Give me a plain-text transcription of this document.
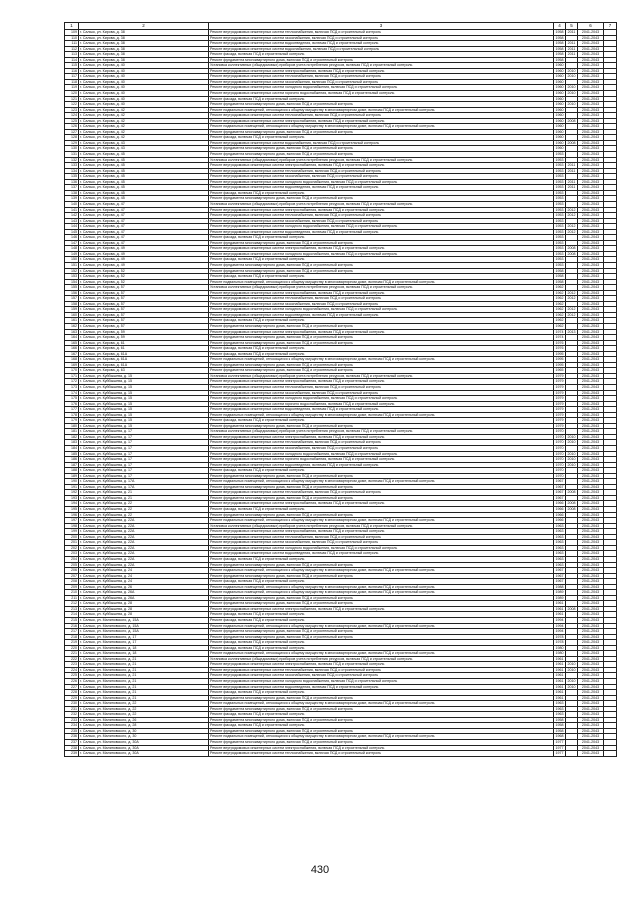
1	2	3	4	5	6	7
109	г. Сальск, ул. Кирова, д. 38	Ремонт внутридомовых инженерных систем теплоснабжения, включая ПСД и строительный контроль	1958	2011	2041-2043	
110	г. Сальск, ул. Кирова, д. 38	Ремонт внутридомовых инженерных систем газоснабжения, включая ПСД и строительный контроль	1958		2041-2043	
111	г. Сальск, ул. Кирова, д. 38	Ремонт внутридомовых инженерных систем водоотведения, включая ПСД и строительный контроль	1958	2011	2041-2043	
112	г. Сальск, ул. Кирова, д. 38	Ремонт внутридомовых инженерных систем водоснабжения, включая ПСД и строительный контроль	1958	2011	2041-2043	
113	г. Сальск, ул. Кирова, д. 38	Ремонт фасада, включая ПСД и строительный контроль	1958	2011	2041-2043	
114	г. Сальск, ул. Кирова, д. 38	Ремонт фундамента многоквартирного дома, включая ПСД и строительный контроль	1958		2041-2043	
115	г. Сальск, ул. Кирова, д. 40	Установка коллективных (общедомовых) приборов учета потребления ресурсов, включая ПСД и строительный контроль	1960		2041-2043	
116	г. Сальск, ул. Кирова, д. 40	Ремонт внутридомовых инженерных систем электроснабжения, включая ПСД и строительный контроль	1960	2010	2041-2043	
117	г. Сальск, ул. Кирова, д. 40	Ремонт внутридомовых инженерных систем теплоснабжения, включая ПСД и строительный контроль	1960	2010	2041-2043	
118	г. Сальск, ул. Кирова, д. 40	Ремонт внутридомовых инженерных систем газоснабжения, включая ПСД и строительный контроль	1960		2041-2043	
119	г. Сальск, ул. Кирова, д. 40	Ремонт внутридомовых инженерных систем холодного водоснабжения, включая ПСД и строительный контроль	1960	2010	2041-2043	
120	г. Сальск, ул. Кирова, д. 40	Ремонт внутридомовых инженерных систем горячего водоснабжения, включая ПСД и строительный контроль	1960	2010	2041-2043	
121	г. Сальск, ул. Кирова, д. 40	Ремонт фасада, включая ПСД и строительный контроль	1960		2041-2043	
122	г. Сальск, ул. Кирова, д. 40	Ремонт фундамента многоквартирного дома, включая ПСД и строительный контроль	1960	2010	2041-2043	
123	г. Сальск, ул. Кирова, д. 42	Ремонт подвальных помещений, относящихся к общему имуществу в многоквартирном доме, включая ПСД и строительный контроль	1960		2041-2043	
124	г. Сальск, ул. Кирова, д. 42	Ремонт внутридомовых инженерных систем теплоснабжения, включая ПСД и строительный контроль	1960		2041-2043	
125	г. Сальск, ул. Кирова, д. 42	Ремонт внутридомовых инженерных систем электроснабжения, включая ПСД и строительный контроль	1960	2008	2041-2043	
126	г. Сальск, ул. Кирова, д. 42	Ремонт подвальных помещений, относящихся к общему имуществу в многоквартирном доме, включая ПСД и строительный контроль	1960		2041-2043	
127	г. Сальск, ул. Кирова, д. 42	Ремонт фундамента многоквартирного дома, включая ПСД и строительный контроль	1960		2041-2043	
128	г. Сальск, ул. Кирова, д. 42	Ремонт фасада, включая ПСД и строительный контроль	1960		2041-2043	
129	г. Сальск, ул. Кирова, д. 43	Ремонт внутридомовых инженерных систем водоснабжения, включая ПСД и строительный контроль	1960	2008	2041-2043	
130	г. Сальск, ул. Кирова, д. 43	Ремонт фундамента многоквартирного дома, включая ПСД и строительный контроль	1960		2041-2043	
131	г. Сальск, ул. Кирова, д. 45	Ремонт фундамента многоквартирного дома, включая ПСД и строительный контроль	1953		2041-2043	
132	г. Сальск, ул. Кирова, д. 45	Установка коллективных (общедомовых) приборов учета потребления ресурсов, включая ПСД и строительный контроль	1953		2041-2043	
133	г. Сальск, ул. Кирова, д. 45	Ремонт внутридомовых инженерных систем электроснабжения, включая ПСД и строительный контроль	1953	2011	2041-2043	
134	г. Сальск, ул. Кирова, д. 45	Ремонт внутридомовых инженерных систем теплоснабжения, включая ПСД и строительный контроль	1953	2011	2041-2043	
135	г. Сальск, ул. Кирова, д. 45	Ремонт внутридомовых инженерных систем газоснабжения, включая ПСД и строительный контроль	1953		2041-2043	
136	г. Сальск, ул. Кирова, д. 45	Ремонт внутридомовых инженерных систем холодного водоснабжения, включая ПСД и строительный контроль	1953	2011	2041-2043	
137	г. Сальск, ул. Кирова, д. 45	Ремонт внутридомовых инженерных систем водоотведения, включая ПСД и строительный контроль	1953	2011	2041-2043	
138	г. Сальск, ул. Кирова, д. 45	Ремонт фасада, включая ПСД и строительный контроль	1953		2041-2043	
139	г. Сальск, ул. Кирова, д. 45	Ремонт фундамента многоквартирного дома, включая ПСД и строительный контроль	1953		2041-2043	
140	г. Сальск, ул. Кирова, д. 47	Установка коллективных (общедомовых) приборов учета потребления ресурсов, включая ПСД и строительный контроль	1953		2041-2043	
141	г. Сальск, ул. Кирова, д. 47	Ремонт внутридомовых инженерных систем электроснабжения, включая ПСД и строительный контроль	1953	2012	2041-2043	
142	г. Сальск, ул. Кирова, д. 47	Ремонт внутридомовых инженерных систем теплоснабжения, включая ПСД и строительный контроль	1953	2012	2041-2043	
143	г. Сальск, ул. Кирова, д. 47	Ремонт внутридомовых инженерных систем газоснабжения, включая ПСД и строительный контроль	1953		2041-2043	
144	г. Сальск, ул. Кирова, д. 47	Ремонт внутридомовых инженерных систем холодного водоснабжения, включая ПСД и строительный контроль	1953	2012	2041-2043	
145	г. Сальск, ул. Кирова, д. 47	Ремонт внутридомовых инженерных систем водоотведения, включая ПСД и строительный контроль	1953	2012	2041-2043	
146	г. Сальск, ул. Кирова, д. 47	Ремонт фасада, включая ПСД и строительный контроль	1953		2041-2043	
147	г. Сальск, ул. Кирова, д. 47	Ремонт фундамента многоквартирного дома, включая ПСД и строительный контроль	1953		2041-2043	
148	г. Сальск, ул. Кирова, д. 49	Ремонт внутридомовых инженерных систем электроснабжения, включая ПСД и строительный контроль	1953	2008	2041-2043	
149	г. Сальск, ул. Кирова, д. 49	Ремонт внутридомовых инженерных систем холодного водоснабжения, включая ПСД и строительный контроль	1953	2008	2041-2043	
150	г. Сальск, ул. Кирова, д. 49	Ремонт фасада, включая ПСД и строительный контроль	1953		2041-2043	
151	г. Сальск, ул. Кирова, д. 49	Ремонт фундамента многоквартирного дома, включая ПСД и строительный контроль	1953		2041-2043	
152	г. Сальск, ул. Кирова, д. 52	Ремонт фундамента многоквартирного дома, включая ПСД и строительный контроль	1958		2041-2043	
153	г. Сальск, ул. Кирова, д. 52	Ремонт фасада, включая ПСД и строительный контроль	1958		2041-2043	
154	г. Сальск, ул. Кирова, д. 52	Ремонт подвальных помещений, относящихся к общему имуществу в многоквартирном доме, включая ПСД и строительный контроль	1958		2041-2043	
155	г. Сальск, ул. Кирова, д. 57	Установка коллективных (общедомовых) приборов учета потребления ресурсов, включая ПСД и строительный контроль	1962		2041-2043	
156	г. Сальск, ул. Кирова, д. 57	Ремонт внутридомовых инженерных систем электроснабжения, включая ПСД и строительный контроль	1962	2012	2041-2043	
157	г. Сальск, ул. Кирова, д. 57	Ремонт внутридомовых инженерных систем теплоснабжения, включая ПСД и строительный контроль	1962	2012	2041-2043	
158	г. Сальск, ул. Кирова, д. 57	Ремонт внутридомовых инженерных систем газоснабжения, включая ПСД и строительный контроль	1962		2041-2043	
159	г. Сальск, ул. Кирова, д. 57	Ремонт внутридомовых инженерных систем холодного водоснабжения, включая ПСД и строительный контроль	1962	2012	2041-2043	
160	г. Сальск, ул. Кирова, д. 57	Ремонт внутридомовых инженерных систем водоотведения, включая ПСД и строительный контроль	1962	2012	2041-2043	
161	г. Сальск, ул. Кирова, д. 57	Ремонт фасада, включая ПСД и строительный контроль	1962		2041-2043	
162	г. Сальск, ул. Кирова, д. 57	Ремонт фундамента многоквартирного дома, включая ПСД и строительный контроль	1962		2041-2043	
163	г. Сальск, ул. Кирова, д. 59	Ремонт внутридомовых инженерных систем электроснабжения, включая ПСД и строительный контроль	1974	2013	2041-2043	
164	г. Сальск, ул. Кирова, д. 59	Ремонт фундамента многоквартирного дома, включая ПСД и строительный контроль	1974		2041-2043	
165	г. Сальск, ул. Кирова, д. 61	Ремонт фундамента многоквартирного дома, включая ПСД и строительный контроль	1976		2041-2043	
166	г. Сальск, ул. Кирова, д. 61	Ремонт фасада, включая ПСД и строительный контроль	1976		2041-2043	
167	г. Сальск, ул. Кирова, д. 61А	Ремонт фасада, включая ПСД и строительный контроль	1995		2041-2043	
168	г. Сальск, ул. Кирова, д. 61А	Ремонт подвальных помещений, относящихся к общему имуществу в многоквартирном доме, включая ПСД и строительный контроль	1995		2041-2043	
169	г. Сальск, ул. Кирова, д. 61А	Ремонт фундамента многоквартирного дома, включая ПСД и строительный контроль	1995		2041-2043	
170	г. Сальск, ул. Кирова, д. 63	Ремонт фундамента многоквартирного дома, включая ПСД и строительный контроль	1965		2041-2043	
171	г. Сальск, ул. Куйбышева, д. 15	Установка коллективных (общедомовых) приборов учета потребления ресурсов, включая ПСД и строительный контроль	1979		2041-2043	
172	г. Сальск, ул. Куйбышева, д. 15	Ремонт внутридомовых инженерных систем электроснабжения, включая ПСД и строительный контроль	1979		2041-2043	
173	г. Сальск, ул. Куйбышева, д. 15	Ремонт внутридомовых инженерных систем теплоснабжения, включая ПСД и строительный контроль	1979		2041-2043	
174	г. Сальск, ул. Куйбышева, д. 15	Ремонт внутридомовых инженерных систем газоснабжения, включая ПСД и строительный контроль	1979		2041-2043	
175	г. Сальск, ул. Куйбышева, д. 15	Ремонт внутридомовых инженерных систем холодного водоснабжения, включая ПСД и строительный контроль	1979		2041-2043	
176	г. Сальск, ул. Куйбышева, д. 15	Ремонт внутридомовых инженерных систем горячего водоснабжения, включая ПСД и строительный контроль	1979		2041-2043	
177	г. Сальск, ул. Куйбышева, д. 15	Ремонт внутридомовых инженерных систем водоотведения, включая ПСД и строительный контроль	1979		2041-2043	
178	г. Сальск, ул. Куйбышева, д. 15	Ремонт подвальных помещений, относящихся к общему имуществу в многоквартирном доме, включая ПСД и строительный контроль	1979		2041-2043	
179	г. Сальск, ул. Куйбышева, д. 15	Ремонт фасада, включая ПСД и строительный контроль	1979		2041-2043	
180	г. Сальск, ул. Куйбышева, д. 15	Ремонт фундамента многоквартирного дома, включая ПСД и строительный контроль	1979		2041-2043	
181	г. Сальск, ул. Куйбышева, д. 17	Установка коллективных (общедомовых) приборов учета потребления ресурсов, включая ПСД и строительный контроль	1970		2041-2043	
182	г. Сальск, ул. Куйбышева, д. 17	Ремонт внутридомовых инженерных систем электроснабжения, включая ПСД и строительный контроль	1970	2010	2041-2043	
183	г. Сальск, ул. Куйбышева, д. 17	Ремонт внутридомовых инженерных систем теплоснабжения, включая ПСД и строительный контроль	1970	2010	2041-2043	
184	г. Сальск, ул. Куйбышева, д. 17	Ремонт внутридомовых инженерных систем газоснабжения, включая ПСД и строительный контроль	1970		2041-2043	
185	г. Сальск, ул. Куйбышева, д. 17	Ремонт внутридомовых инженерных систем холодного водоснабжения, включая ПСД и строительный контроль	1970	2010	2041-2043	
186	г. Сальск, ул. Куйбышева, д. 17	Ремонт внутридомовых инженерных систем горячего водоснабжения, включая ПСД и строительный контроль	1970	2010	2041-2043	
187	г. Сальск, ул. Куйбышева, д. 17	Ремонт внутридомовых инженерных систем водоотведения, включая ПСД и строительный контроль	1970	2010	2041-2043	
188	г. Сальск, ул. Куйбышева, д. 17	Ремонт фасада, включая ПСД и строительный контроль	1970		2041-2043	
189	г. Сальск, ул. Куйбышева, д. 17	Ремонт фундамента многоквартирного дома, включая ПСД и строительный контроль	1970		2041-2043	
190	г. Сальск, ул. Куйбышева, д. 17А	Ремонт подвальных помещений, относящихся к общему имуществу в многоквартирном доме, включая ПСД и строительный контроль	1967		2041-2043	
191	г. Сальск, ул. Куйбышева, д. 17А	Ремонт фундамента многоквартирного дома, включая ПСД и строительный контроль	1967		2041-2043	
192	г. Сальск, ул. Куйбышева, д. 21	Ремонт внутридомовых инженерных систем теплоснабжения, включая ПСД и строительный контроль	1967	2008	2041-2043	
193	г. Сальск, ул. Куйбышева, д. 21	Ремонт фундамента многоквартирного дома, включая ПСД и строительный контроль	1967		2041-2043	
194	г. Сальск, ул. Куйбышева, д. 22	Ремонт внутридомовых инженерных систем электроснабжения, включая ПСД и строительный контроль	1966	2008	2041-2043	
195	г. Сальск, ул. Куйбышева, д. 22	Ремонт фасада, включая ПСД и строительный контроль	1966	2008	2041-2043	
196	г. Сальск, ул. Куйбышева, д. 22	Ремонт фундамента многоквартирного дома, включая ПСД и строительный контроль	1966		2041-2043	
197	г. Сальск, ул. Куйбышева, д. 22А	Ремонт подвальных помещений, относящихся к общему имуществу в многоквартирном доме, включая ПСД и строительный контроль	1966		2041-2043	
198	г. Сальск, ул. Куйбышева, д. 22А	Установка коллективных (общедомовых) приборов учета потребления ресурсов, включая ПСД и строительный контроль	1963		2041-2043	
199	г. Сальск, ул. Куйбышева, д. 22А	Ремонт внутридомовых инженерных систем электроснабжения, включая ПСД и строительный контроль	1963		2041-2043	
200	г. Сальск, ул. Куйбышева, д. 22А	Ремонт внутридомовых инженерных систем теплоснабжения, включая ПСД и строительный контроль	1963		2041-2043	
201	г. Сальск, ул. Куйбышева, д. 22А	Ремонт внутридомовых инженерных систем газоснабжения, включая ПСД и строительный контроль	1963		2041-2043	
202	г. Сальск, ул. Куйбышева, д. 22А	Ремонт внутридомовых инженерных систем холодного водоснабжения, включая ПСД и строительный контроль	1963		2041-2043	
203	г. Сальск, ул. Куйбышева, д. 22А	Ремонт внутридомовых инженерных систем водоотведения, включая ПСД и строительный контроль	1963		2041-2043	
204	г. Сальск, ул. Куйбышева, д. 22А	Ремонт фасада, включая ПСД и строительный контроль	1963		2041-2043	
205	г. Сальск, ул. Куйбышева, д. 22А	Ремонт фундамента многоквартирного дома, включая ПСД и строительный контроль	1963		2041-2043	
206	г. Сальск, ул. Куйбышева, д. 24	Ремонт подвальных помещений, относящихся к общему имуществу в многоквартирном доме, включая ПСД и строительный контроль	1967		2041-2043	
207	г. Сальск, ул. Куйбышева, д. 24	Ремонт фундамента многоквартирного дома, включая ПСД и строительный контроль	1967		2041-2043	
208	г. Сальск, ул. Куйбышева, д. 24	Ремонт фасада, включая ПСД и строительный контроль	1967		2041-2043	
209	г. Сальск, ул. Куйбышева, д. 26	Ремонт подвальных помещений, относящихся к общему имуществу в многоквартирном доме, включая ПСД и строительный контроль	1988		2041-2043	
210	г. Сальск, ул. Куйбышева, д. 26А	Ремонт подвальных помещений, относящихся к общему имуществу в многоквартирном доме, включая ПСД и строительный контроль	1989		2041-2043	
211	г. Сальск, ул. Куйбышева, д. 26А	Ремонт фундамента многоквартирного дома, включая ПСД и строительный контроль	1989		2041-2043	
212	г. Сальск, ул. Куйбышева, д. 28	Ремонт фундамента многоквартирного дома, включая ПСД и строительный контроль	1961		2041-2043	
213	г. Сальск, ул. Куйбышева, д. 28	Ремонт внутридомовых инженерных систем электроснабжения, включая ПСД и строительный контроль	1961	2008	2041-2043	
214	г. Сальск, ул. Куйбышева, д. 28	Ремонт фасада, включая ПСД и строительный контроль	1961		2041-2043	
215	г. Сальск, ул. Малиновского, д. 15А	Ремонт фасада, включая ПСД и строительный контроль	1994		2041-2043	
216	г. Сальск, ул. Малиновского, д. 15А	Ремонт подвальных помещений, относящихся к общему имуществу в многоквартирном доме, включая ПСД и строительный контроль	1994		2041-2043	
217	г. Сальск, ул. Малиновского, д. 15А	Ремонт фундамента многоквартирного дома, включая ПСД и строительный контроль	1994		2041-2043	
218	г. Сальск, ул. Малиновского, д. 17	Ремонт фундамента многоквартирного дома, включая ПСД и строительный контроль	1978		2041-2043	
219	г. Сальск, ул. Малиновского, д. 17	Ремонт фасада, включая ПСД и строительный контроль	1978		2041-2043	
220	г. Сальск, ул. Малиновского, д. 18	Ремонт фасада, включая ПСД и строительный контроль	1980		2041-2043	
221	г. Сальск, ул. Малиновского, д. 18	Ремонт подвальных помещений, относящихся к общему имуществу в многоквартирном доме, включая ПСД и строительный контроль	1980		2041-2043	
222	г. Сальск, ул. Малиновского, д. 21	Установка коллективных (общедомовых) приборов учета потребления ресурсов, включая ПСД и строительный контроль	1961		2041-2043	
223	г. Сальск, ул. Малиновского, д. 21	Ремонт внутридомовых инженерных систем электроснабжения, включая ПСД и строительный контроль	1961	2010	2041-2043	
224	г. Сальск, ул. Малиновского, д. 21	Ремонт внутридомовых инженерных систем теплоснабжения, включая ПСД и строительный контроль	1961	2010	2041-2043	
225	г. Сальск, ул. Малиновского, д. 21	Ремонт внутридомовых инженерных систем газоснабжения, включая ПСД и строительный контроль	1961		2041-2043	
226	г. Сальск, ул. Малиновского, д. 21	Ремонт внутридомовых инженерных систем холодного водоснабжения, включая ПСД и строительный контроль	1961	2010	2041-2043	
227	г. Сальск, ул. Малиновского, д. 21	Ремонт внутридомовых инженерных систем водоотведения, включая ПСД и строительный контроль	1961	2010	2041-2043	
228	г. Сальск, ул. Малиновского, д. 21	Ремонт фасада, включая ПСД и строительный контроль	1961		2041-2043	
229	г. Сальск, ул. Малиновского, д. 21	Ремонт фундамента многоквартирного дома, включая ПСД и строительный контроль	1961		2041-2043	
230	г. Сальск, ул. Малиновского, д. 22	Ремонт подвальных помещений, относящихся к общему имуществу в многоквартирном доме, включая ПСД и строительный контроль	1963		2041-2043	
231	г. Сальск, ул. Малиновского, д. 22	Ремонт фундамента многоквартирного дома, включая ПСД и строительный контроль	1963		2041-2043	
232	г. Сальск, ул. Малиновского, д. 22	Ремонт фасада, включая ПСД и строительный контроль	1963		2041-2043	
233	г. Сальск, ул. Малиновского, д. 26	Ремонт фундамента многоквартирного дома, включая ПСД и строительный контроль	1958		2041-2043	
234	г. Сальск, ул. Малиновского, д. 28	Ремонт фасада, включая ПСД и строительный контроль	1958		2041-2043	
235	г. Сальск, ул. Малиновского, д. 30	Ремонт фундамента многоквартирного дома, включая ПСД и строительный контроль	1958		2041-2043	
236	г. Сальск, ул. Малиновского, д. 30	Ремонт подвальных помещений, относящихся к общему имуществу в многоквартирном доме, включая ПСД и строительный контроль	1968		2041-2043	
237	г. Сальск, ул. Малиновского, д. 30А	Ремонт фундамента многоквартирного дома, включая ПСД и строительный контроль	1977		2041-2043	
238	г. Сальск, ул. Малиновского, д. 30А	Ремонт внутридомовых инженерных систем электроснабжения, включая ПСД и строительный контроль	1977		2041-2043	
239	г. Сальск, ул. Малиновского, д. 30А	Ремонт внутридомовых инженерных систем теплоснабжения, включая ПСД и строительный контроль	1977		2041-2043	
430
